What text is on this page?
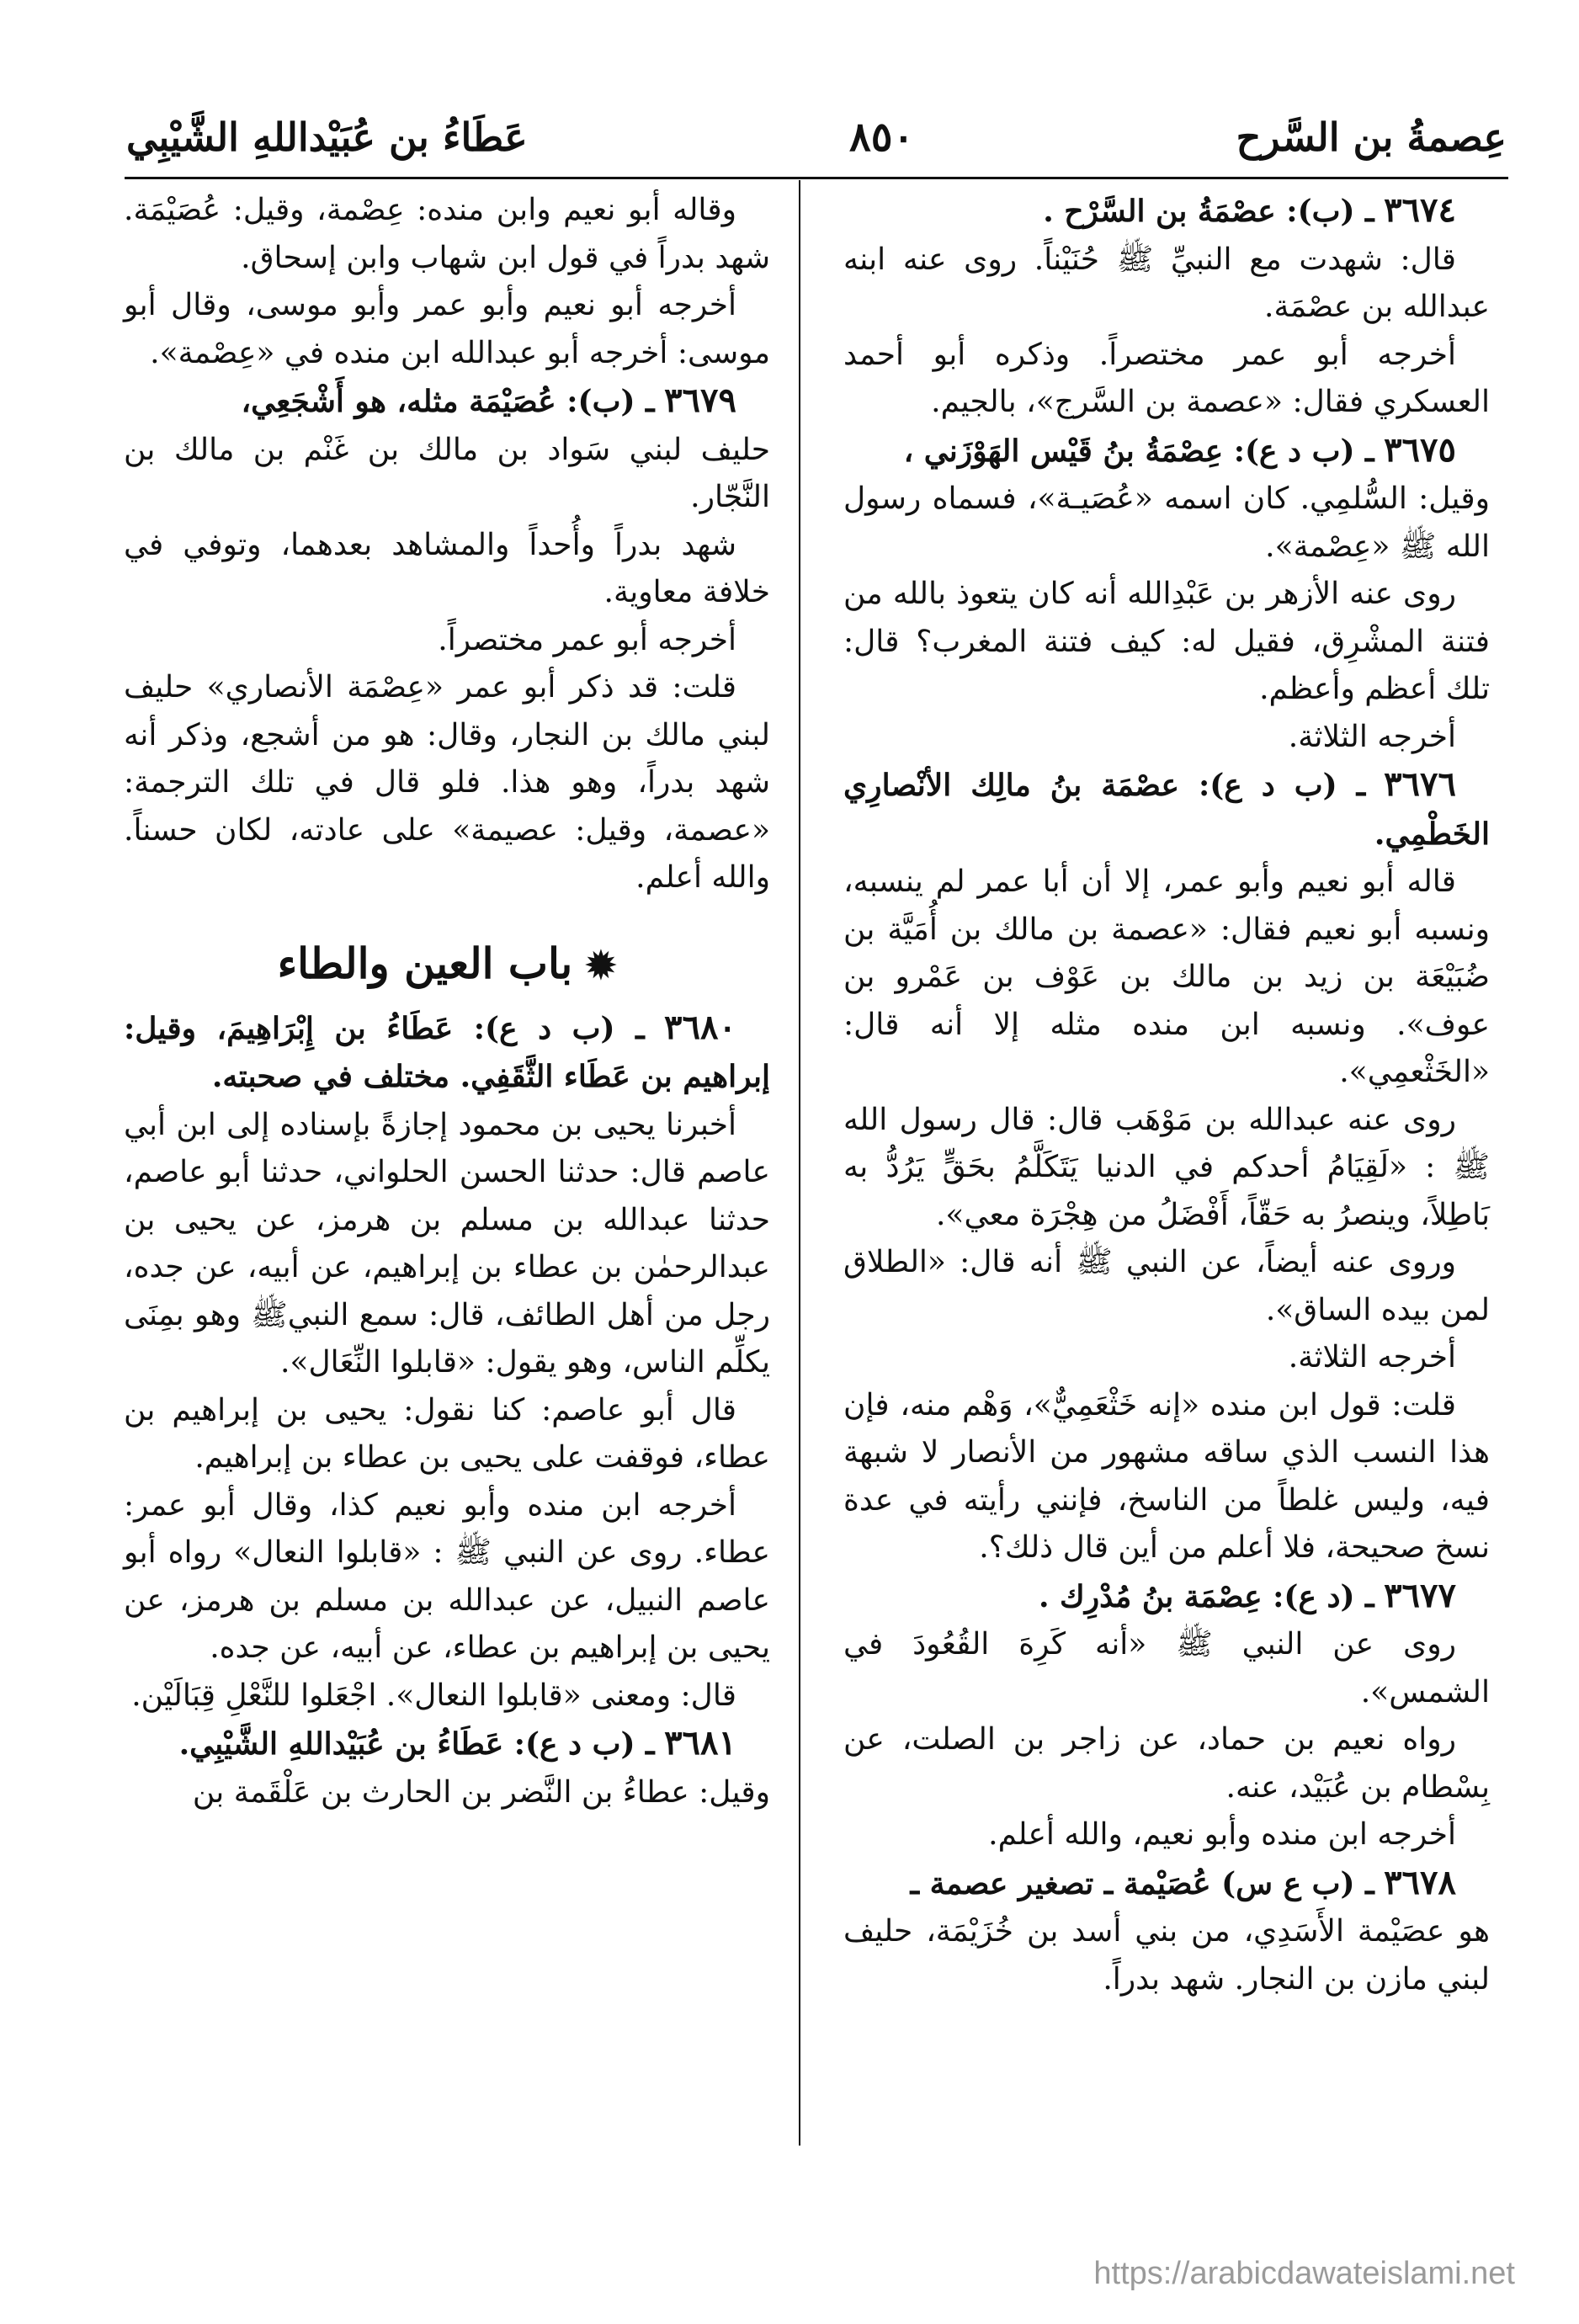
عِصمةُ بن السَّرح
٨٥٠
عَطَاءُ بن عُبَيْداللهِ الشَّيْبِي

٣٦٧٤ ـ (ب): عصْمَةُ بن السَّرْح .

قال: شهدت مع النبيِّ ﷺ حُنَيْناً. روى عنه ابنه عبدالله بن عصْمَة.

أخرجه أبو عمر مختصراً. وذكره أبو أحمد العسكري فقال: «عصمة بن السَّرج»، بالجيم.

٣٦٧٥ ـ (ب د ع): عِصْمَةُ بنُ قَيْس الهَوْزَني ،

وقيل: السُّلمِي. كان اسمه «عُصَيـة»، فسماه رسول الله ﷺ «عِصْمة».

روى عنه الأزهر بن عَبْدِالله أنه كان يتعوذ بالله من فتنة المشْرِق، فقيل له: كيف فتنة المغرب؟ قال: تلك أعظم وأعظم.

أخرجه الثلاثة.

٣٦٧٦ ـ (ب د ع): عصْمَة بنُ مالِك الأنْصارِي الخَطْمِي.

قاله أبو نعيم وأبو عمر، إلا أن أبا عمر لم ينسبه، ونسبه أبو نعيم فقال: «عصمة بن مالك بن أُمَيَّة بن ضُبَيْعَة بن زيد بن مالك بن عَوْف بن عَمْرو بن عوف». ونسبه ابن منده مثله إلا أنه قال: «الخَثْعمِي».

روى عنه عبدالله بن مَوْهَب قال: قال رسول الله ﷺ : «لَقِيَامُ أحدكم في الدنيا يَتَكَلَّمُ بحَقٍّ يَرُدُّ به بَاطِلاً، وينصرُ به حَقّاً، أَفْضَلُ من هِجْرَة معي».

وروى عنه أيضاً، عن النبي ﷺ أنه قال: «الطلاق لمن بيده الساق».

أخرجه الثلاثة.

قلت: قول ابن منده «إنه خَثْعَمِيٌّ»، وَهْم منه، فإن هذا النسب الذي ساقه مشهور من الأنصار لا شبهة فيه، وليس غلطاً من الناسخ، فإنني رأيته في عدة نسخ صحيحة، فلا أعلم من أين قال ذلك؟.

٣٦٧٧ ـ (د ع): عِصْمَة بنُ مُدْرِك .

روى عن النبي ﷺ «أنه كَرِهَ القُعُودَ في الشمس».

رواه نعيم بن حماد، عن زاجر بن الصلت، عن بِسْطام بن عُبَيْد، عنه.

أخرجه ابن منده وأبو نعيم، والله أعلم.

٣٦٧٨ ـ (ب ع س) عُصَيْمة ـ تصغير عصمة ـ

هو عصَيْمة الأَسَدِي، من بني أسد بن خُزَيْمَة، حليف لبني مازن بن النجار. شهد بدراً.

وقاله أبو نعيم وابن منده: عِصْمة، وقيل: عُصَيْمَة. شهد بدراً في قول ابن شهاب وابن إسحاق.

أخرجه أبو نعيم وأبو عمر وأبو موسى، وقال أبو موسى: أخرجه أبو عبدالله ابن منده في «عِصْمة».

٣٦٧٩ ـ (ب): عُصَيْمَة مثله، هو أَشْجَعِي،

حليف لبني سَواد بن مالك بن غَنْم بن مالك بن النَّجّار.

شهد بدراً وأُحداً والمشاهد بعدهما، وتوفي في خلافة معاوية.

أخرجه أبو عمر مختصراً.

قلت: قد ذكر أبو عمر «عِصْمَة الأنصاري» حليف لبني مالك بن النجار، وقال: هو من أشجع، وذكر أنه شهد بدراً، وهو هذا. فلو قال في تلك الترجمة: «عصمة، وقيل: عصيمة» على عادته، لكان حسناً. والله أعلم.

✹ باب العين والطاء

٣٦٨٠ ـ (ب د ع): عَطَاءُ بن إِبْرَاهِيمَ، وقيل: إبراهيم بن عَطَاء الثَّقَفِي. مختلف في صحبته.

أخبرنا يحيى بن محمود إجازةً بإسناده إلى ابن أبي عاصم قال: حدثنا الحسن الحلواني، حدثنا أبو عاصم، حدثنا عبدالله بن مسلم بن هرمز، عن يحيى بن عبدالرحمٰن بن عطاء بن إبراهيم، عن أبيه، عن جده، رجل من أهل الطائف، قال: سمع النبيﷺ وهو بمِنَى يكلِّم الناس، وهو يقول: «قابلوا النِّعَال».

قال أبو عاصم: كنا نقول: يحيى بن إبراهيم بن عطاء، فوقفت على يحيى بن عطاء بن إبراهيم.

أخرجه ابن منده وأبو نعيم كذا، وقال أبو عمر: عطاء. روى عن النبي ﷺ : «قابلوا النعال» رواه أبو عاصم النبيل، عن عبدالله بن مسلم بن هرمز، عن يحيى بن إبراهيم بن عطاء، عن أبيه، عن جده.

قال: ومعنى «قابلوا النعال». اجْعَلوا للنَّعْلِ قِبَالَيْن.

٣٦٨١ ـ (ب د ع): عَطَاءُ بن عُبَيْداللهِ الشَّيْبِي.

وقيل: عطاءُ بن النَّضر بن الحارث بن عَلْقَمة بن

https://arabicdawateislami.net
